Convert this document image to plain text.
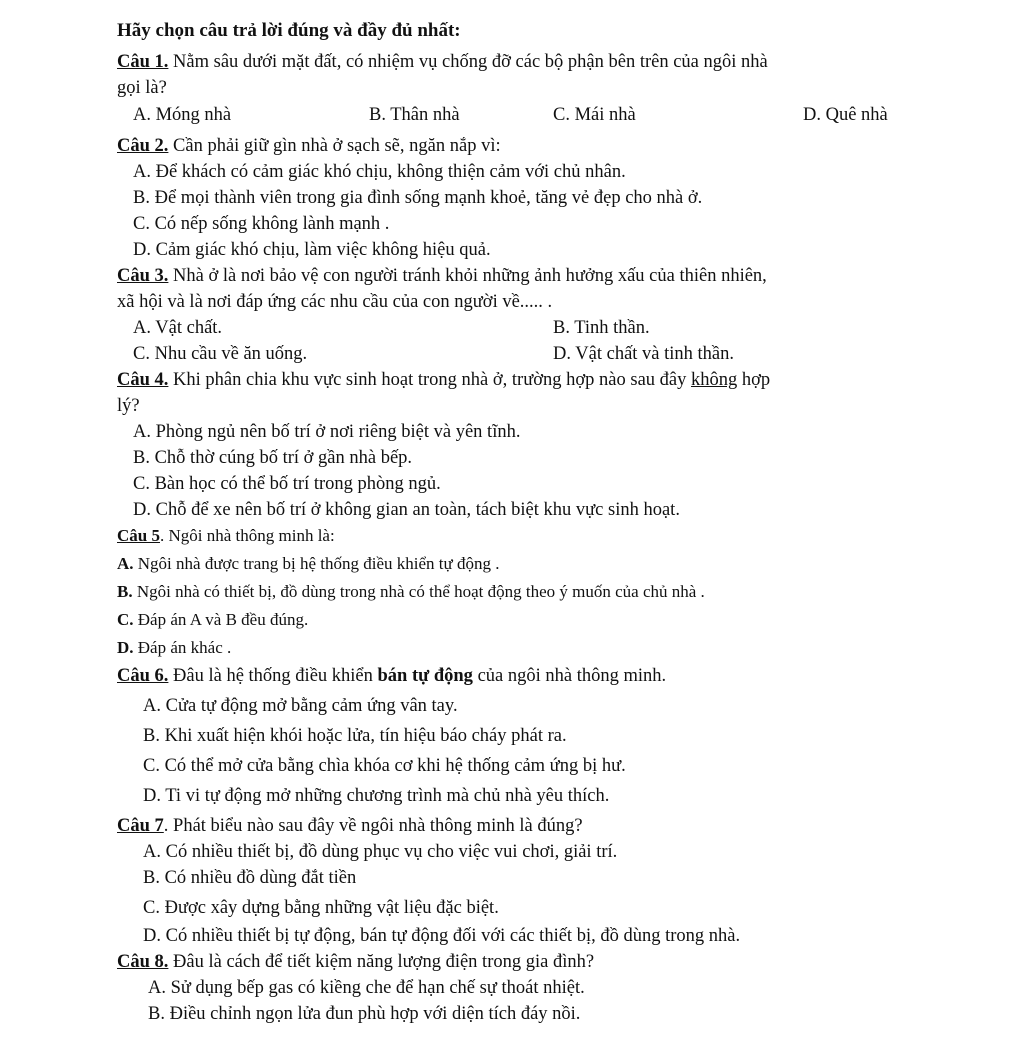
Hãy chọn câu trả lời đúng và đầy đủ nhất:
Câu 1. Nằm sâu dưới mặt đất, có nhiệm vụ chống đỡ các bộ phận bên trên của ngôi nhà
gọi là?
A. Móng nhà	B. Thân nhà	C. Mái nhà	D. Quê nhà
Câu 2. Cần phải giữ gìn nhà ở sạch sẽ, ngăn nắp vì:
A. Để khách có cảm giác khó chịu, không thiện cảm với chủ nhân.
B. Để mọi thành viên trong gia đình sống mạnh khoẻ, tăng vẻ đẹp cho nhà ở.
C. Có nếp sống không lành mạnh .
D. Cảm giác khó chịu, làm việc không hiệu quả.
Câu 3. Nhà ở là nơi bảo vệ con người tránh khỏi những ảnh hưởng xấu của thiên nhiên,
xã hội và là nơi đáp ứng các nhu cầu của con người về..... .
A. Vật chất.	B. Tinh thần.
C. Nhu cầu về ăn uống.	D. Vật chất và tinh thần.
Câu 4. Khi phân chia khu vực sinh hoạt trong nhà ở, trường hợp nào sau đây không hợp
lý?
A. Phòng ngủ nên bố trí ở nơi riêng biệt và yên tĩnh.
B. Chỗ thờ cúng bố trí ở gần nhà bếp.
C. Bàn học có thể bố trí trong phòng ngủ.
D. Chỗ để xe nên bố trí ở không gian an toàn, tách biệt khu vực sinh hoạt.
Câu 5. Ngôi nhà thông minh là:
A. Ngôi nhà được trang bị hệ thống điều khiển tự động .
B. Ngôi nhà có thiết bị, đồ dùng trong nhà có thể hoạt động theo ý muốn của chủ nhà .
C. Đáp án A và B đều đúng.
D. Đáp án khác .
Câu 6. Đâu là hệ thống điều khiển bán tự động của ngôi nhà thông minh.
A. Cửa tự động mở bằng cảm ứng vân tay.
B. Khi xuất hiện khói hoặc lửa, tín hiệu báo cháy phát ra.
C. Có thể mở cửa bằng chìa khóa cơ khi hệ thống cảm ứng bị hư.
D. Ti vi tự động mở những chương trình mà chủ nhà yêu thích.
Câu 7. Phát biểu nào sau đây về ngôi nhà thông minh là đúng?
A. Có nhiều thiết bị, đồ dùng phục vụ cho việc vui chơi, giải trí.
B. Có nhiều đồ dùng đắt tiền
C. Được xây dựng bằng những vật liệu đặc biệt.
D. Có nhiều thiết bị tự động, bán tự động đối với các thiết bị, đồ dùng trong nhà.
Câu 8. Đâu là cách để tiết kiệm năng lượng điện trong gia đình?
A. Sử dụng bếp gas có kiềng che để hạn chế sự thoát nhiệt.
B. Điều chỉnh ngọn lửa đun phù hợp với diện tích đáy nồi.
